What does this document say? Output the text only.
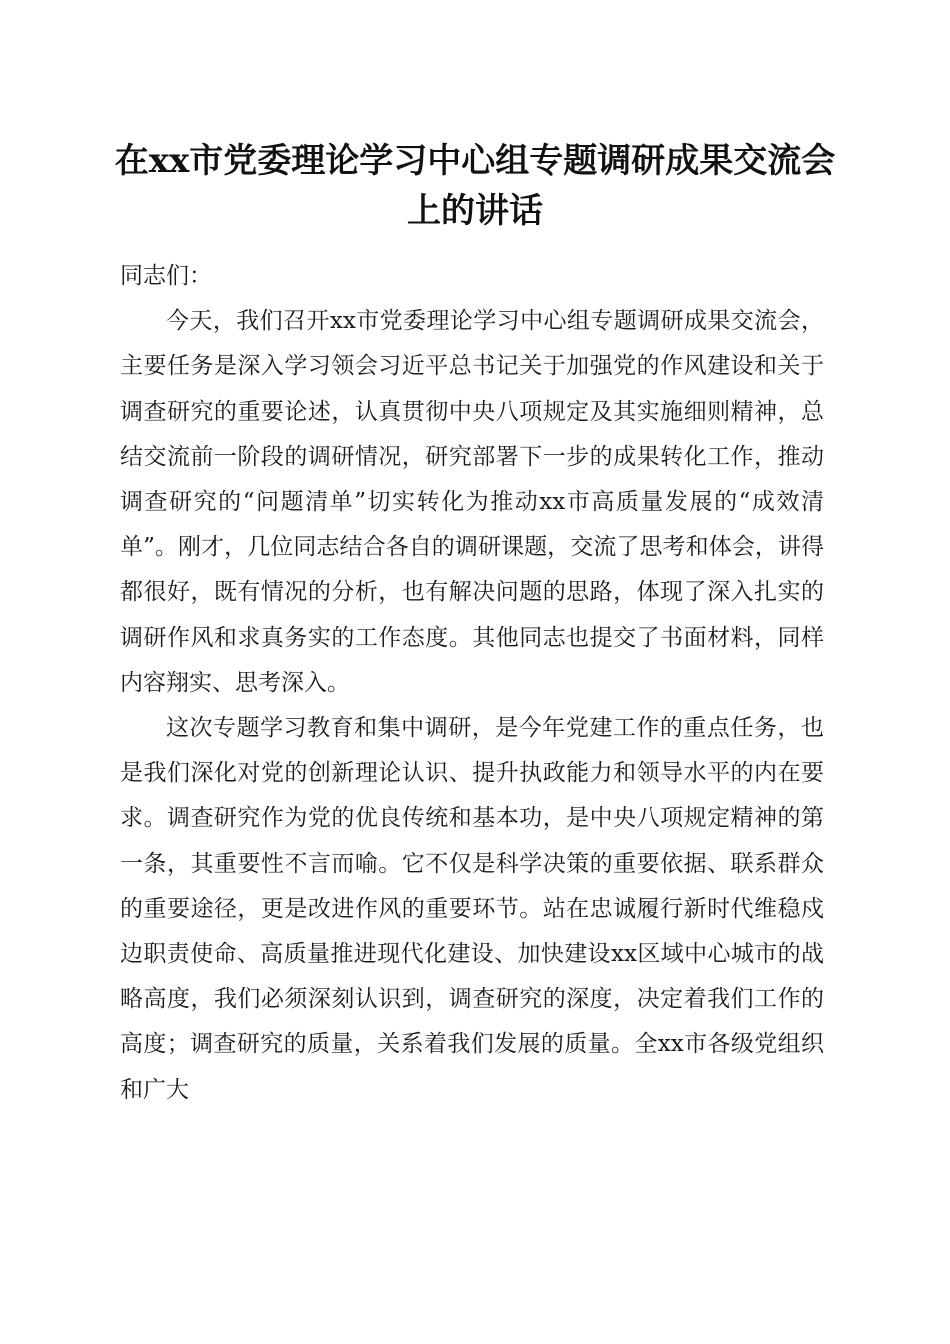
在xx市党委理论学习中心组专题调研成果交流会上的讲话

同志们：

今天，我们召开xx市党委理论学习中心组专题调研成果交流会，主要任务是深入学习领会习近平总书记关于加强党的作风建设和关于调查研究的重要论述，认真贯彻中央八项规定及其实施细则精神，总结交流前一阶段的调研情况，研究部署下一步的成果转化工作，推动调查研究的“问题清单”切实转化为推动xx市高质量发展的“成效清单”。刚才，几位同志结合各自的调研课题，交流了思考和体会，讲得都很好，既有情况的分析，也有解决问题的思路，体现了深入扎实的调研作风和求真务实的工作态度。其他同志也提交了书面材料，同样内容翔实、思考深入。

这次专题学习教育和集中调研，是今年党建工作的重点任务，也是我们深化对党的创新理论认识、提升执政能力和领导水平的内在要求。调查研究作为党的优良传统和基本功，是中央八项规定精神的第一条，其重要性不言而喻。它不仅是科学决策的重要依据、联系群众的重要途径，更是改进作风的重要环节。站在忠诚履行新时代维稳戍边职责使命、高质量推进现代化建设、加快建设xx区域中心城市的战略高度，我们必须深刻认识到，调查研究的深度，决定着我们工作的高度；调查研究的质量，关系着我们发展的质量。全xx市各级党组织和广大
